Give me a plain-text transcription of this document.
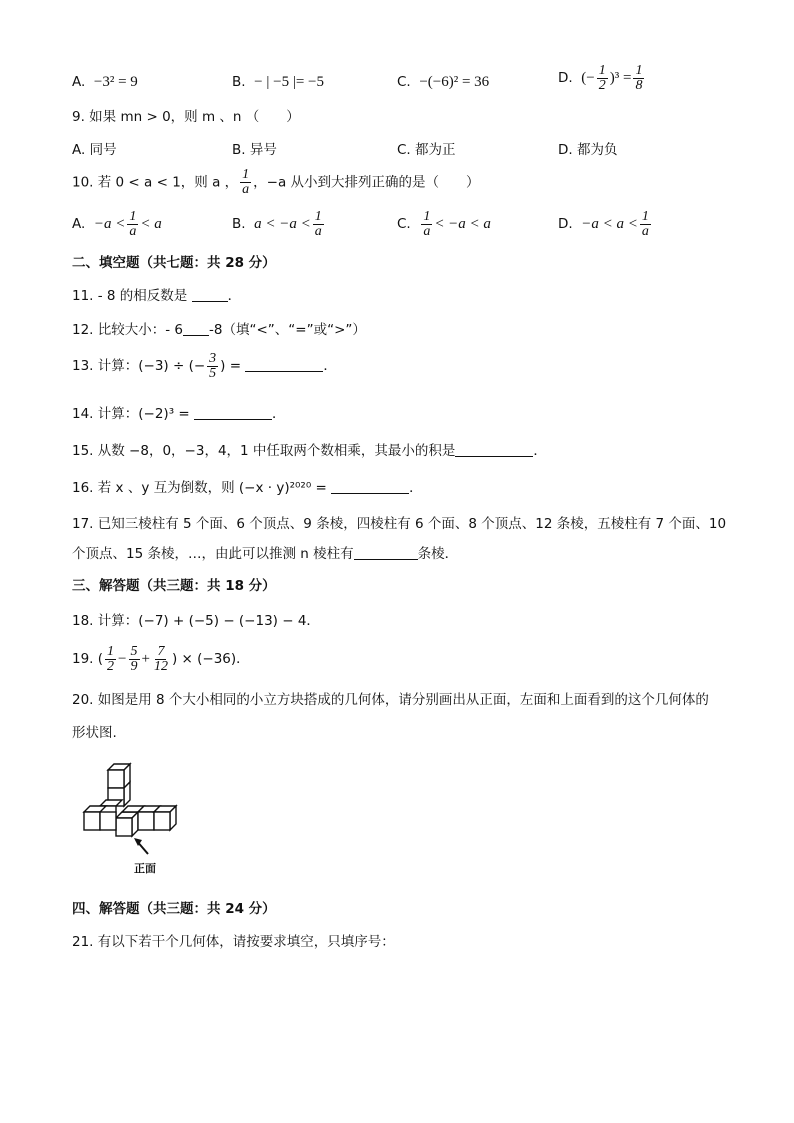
A. −3² = 9	B. − | −5 |= −5	C. −(−6)² = 36	D. (− $\frac{1}{2} )^3 = \frac{1}{8}$
9. 如果 mn > 0，则 m 、n （　　）
A. 同号	B. 异号	C. 都为正	D. 都为负
10. 若 0 < a < 1，则 a ， $\frac{1}{a}$ ，−a 从小到大排列正确的是（　　）
A. $-a < \frac{1}{a} < a$	B. $a < -a < \frac{1}{a}$	C. $\frac{1}{a} < -a < a$	D. $-a < a < \frac{1}{a}$
二、填空题（共七题：共 28 分）
11. - 8 的相反数是	．
12. 比较大小：- 6 -8（填“<”、“=”或“>”）
13. 计算：(−3) ÷ (− $\frac{3}{5}$ ) =	．
14. 计算：(−2)³ =	．
15. 从数 −8，0，−3，4，1 中任取两个数相乘，其最小的积是	．
16. 若 x 、y 互为倒数，则 (−x · y)²⁰²⁰ =	．
17. 已知三棱柱有 5 个面、6 个顶点、9 条棱，四棱柱有 6 个面、8 个顶点、12 条棱，五棱柱有 7 个面、10
个顶点、15 条棱，…，由此可以推测 n 棱柱有	条棱．
三、解答题（共三题：共 18 分）
18. 计算：(−7) + (−5) − (−13) − 4．
19. ( $\frac{1}{2} - \frac{5}{9} + \frac{7}{12}$ ) × (−36)．
20. 如图是用 8 个大小相同的小立方块搭成的几何体，请分别画出从正面，左面和上面看到的这个几何体的
形状图.
正面
四、解答题（共三题：共 24 分）
21. 有以下若干个几何体，请按要求填空，只填序号：
